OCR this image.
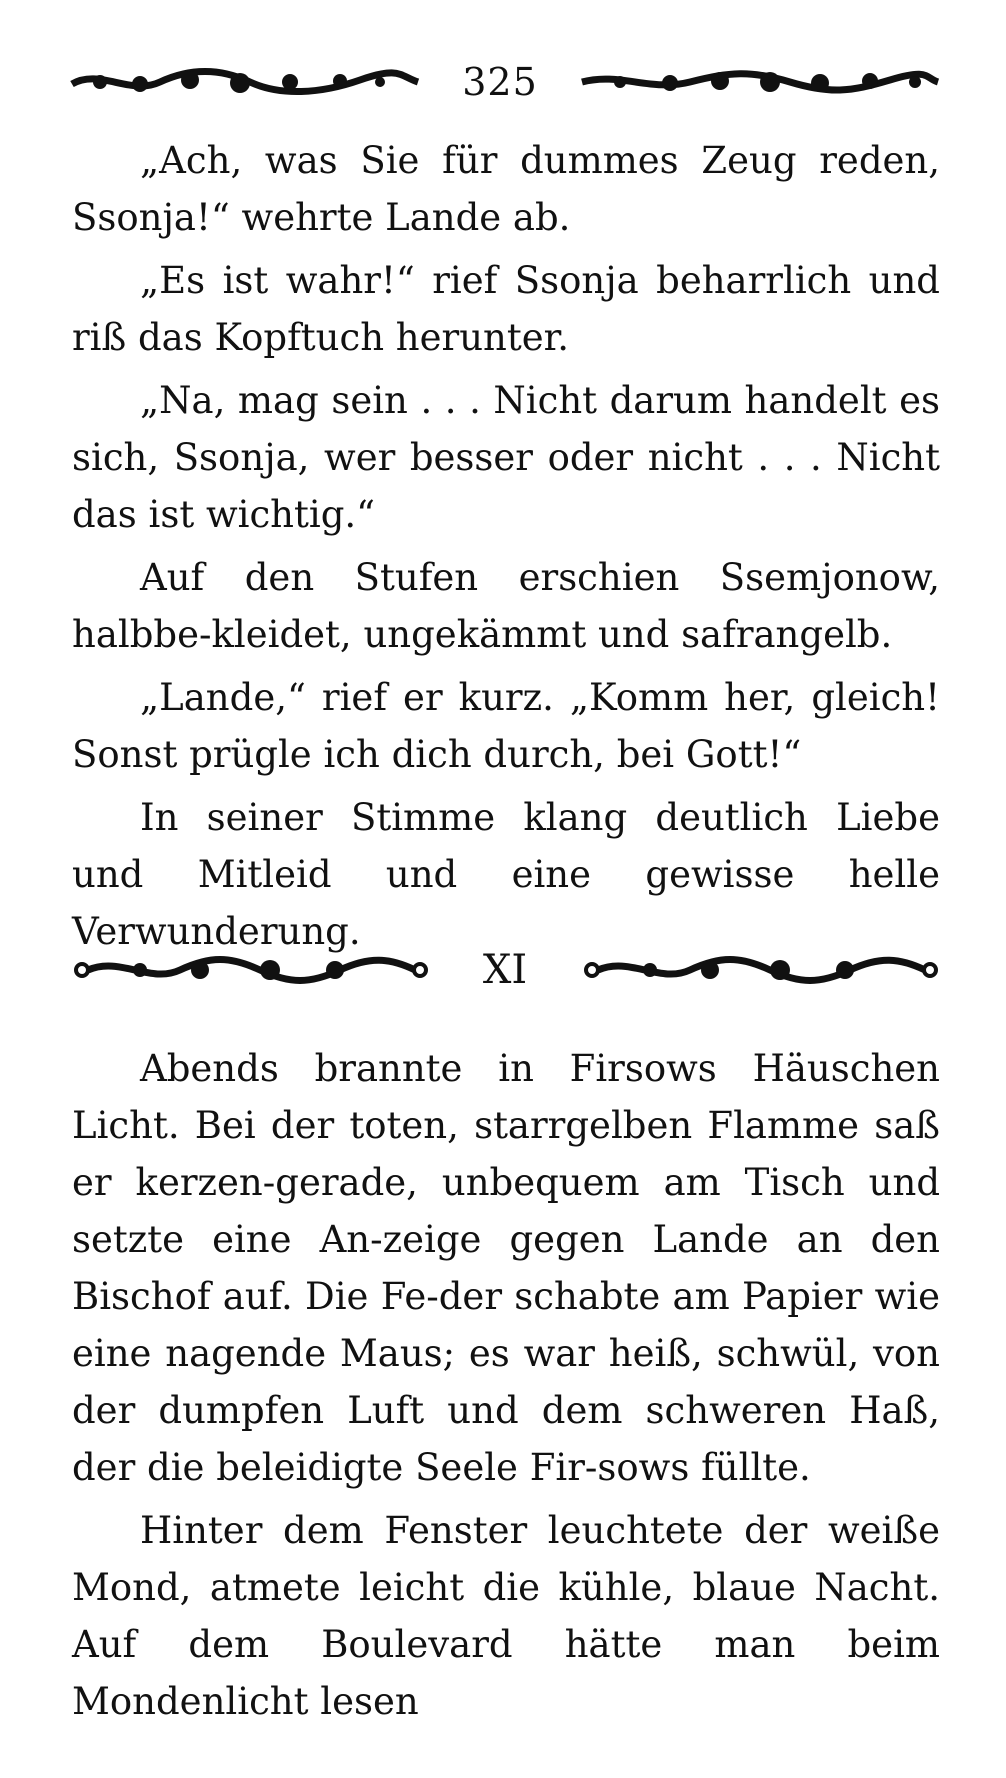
325

„Ach, was Sie für dummes Zeug reden, Ssonja!“ wehrte Lande ab.

„Es ist wahr!“ rief Ssonja beharrlich und riß das Kopftuch herunter.

„Na, mag sein . . . Nicht darum handelt es sich, Ssonja, wer besser oder nicht . . . Nicht das ist wichtig.“

Auf den Stufen erschien Ssemjonow, halbbe-kleidet, ungekämmt und safrangelb.

„Lande,“ rief er kurz. „Komm her, gleich! Sonst prügle ich dich durch, bei Gott!“

In seiner Stimme klang deutlich Liebe und Mitleid und eine gewisse helle Verwunderung.

XI

Abends brannte in Firsows Häuschen Licht. Bei der toten, starrgelben Flamme saß er kerzen-gerade, unbequem am Tisch und setzte eine An-zeige gegen Lande an den Bischof auf. Die Fe-der schabte am Papier wie eine nagende Maus; es war heiß, schwül, von der dumpfen Luft und dem schweren Haß, der die beleidigte Seele Fir-sows füllte.

Hinter dem Fenster leuchtete der weiße Mond, atmete leicht die kühle, blaue Nacht. Auf dem Boulevard hätte man beim Mondenlicht lesen
